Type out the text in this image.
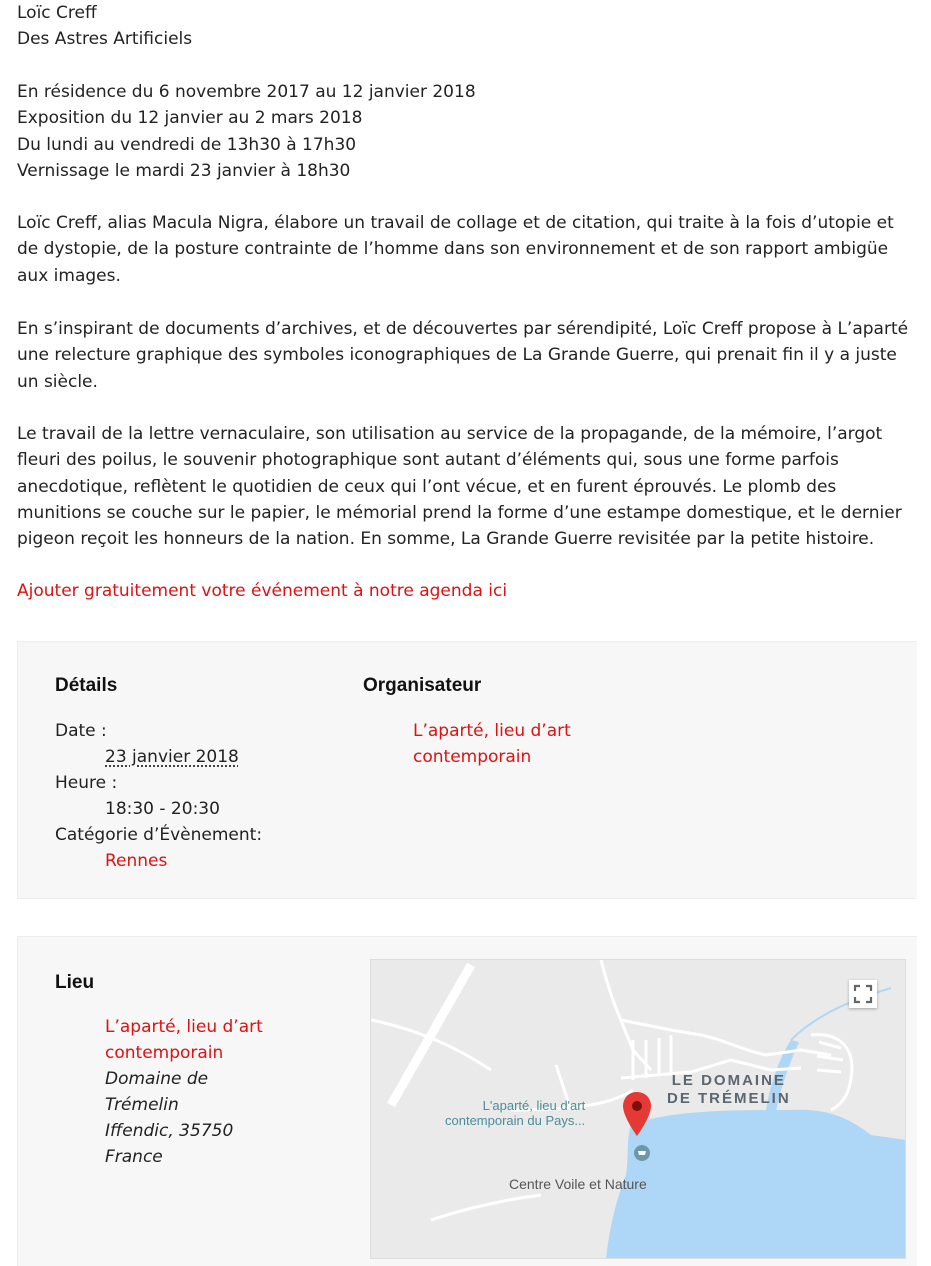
Loïc Creff

Des Astres Artificiels

En résidence du 6 novembre 2017 au 12 janvier 2018

Exposition du 12 janvier au 2 mars 2018

Du lundi au vendredi de 13h30 à 17h30

Vernissage le mardi 23 janvier à 18h30

Loïc Creff, alias Macula Nigra, élabore un travail de collage et de citation, qui traite à la fois d’utopie et

de dystopie, de la posture contrainte de l’homme dans son environnement et de son rapport ambigüe

aux images.

En s’inspirant de documents d’archives, et de découvertes par sérendipité, Loïc Creff propose à L’aparté

une relecture graphique des symboles iconographiques de La Grande Guerre, qui prenait fin il y a juste

un siècle.

Le travail de la lettre vernaculaire, son utilisation au service de la propagande, de la mémoire, l’argot

fleuri des poilus, le souvenir photographique sont autant d’éléments qui, sous une forme parfois

anecdotique, reflètent le quotidien de ceux qui l’ont vécue, et en furent éprouvés. Le plomb des

munitions se couche sur le papier, le mémorial prend la forme d’une estampe domestique, et le dernier

pigeon reçoit les honneurs de la nation. En somme, La Grande Guerre revisitée par la petite histoire.

Ajouter gratuitement votre événement à notre agenda ici

Détails
Date :
23 janvier 2018
Heure :
18:30 - 20:30
Catégorie d’Évènement:
Rennes
Organisateur
L’aparté, lieu d’art
contemporain
Lieu
L’aparté, lieu d’art
contemporain
Domaine de
Trémelin
Iffendic, 35750
France
LE DOMAINE
DE TRÉMELIN
L'aparté, lieu d'art
contemporain du Pays...
Centre Voile et Nature
